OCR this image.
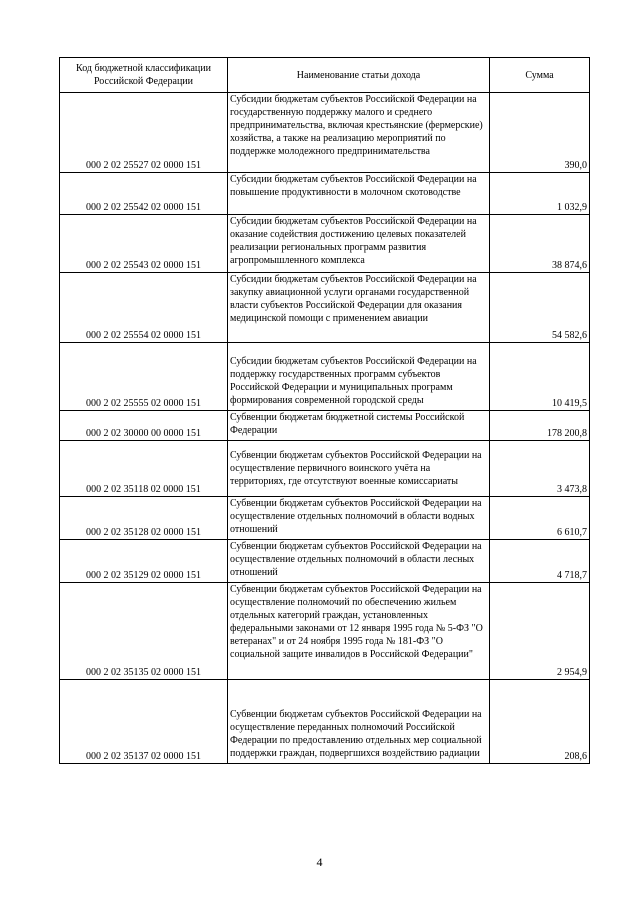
Код бюджетной классификации Российской Федерации	Наименование статьи дохода	Сумма
000 2 02 25527 02 0000 151	Субсидии бюджетам субъектов Российской Федерации на государственную поддержку малого и среднего предпринимательства, включая крестьянские (фермерские) хозяйства, а также на реализацию мероприятий по поддержке молодежного предпринимательства	390,0
000 2 02 25542 02 0000 151	Субсидии бюджетам субъектов Российской Федерации на повышение продуктивности в молочном скотоводстве	1 032,9
000 2 02 25543 02 0000 151	Субсидии бюджетам субъектов Российской Федерации на оказание содействия достижению целевых показателей реализации региональных программ развития агропромышленного комплекса	38 874,6
000 2 02 25554 02 0000 151	Субсидии бюджетам субъектов Российской Федерации на закупку авиационной услуги органами государственной власти субъектов Российской Федерации для оказания медицинской помощи с применением авиации	54 582,6
000 2 02 25555 02 0000 151	Субсидии бюджетам субъектов Российской Федерации на поддержку государственных программ субъектов Российской Федерации и муниципальных программ формирования современной городской среды	10 419,5
000 2 02 30000 00 0000 151	Субвенции бюджетам бюджетной системы Российской Федерации	178 200,8
000 2 02 35118 02 0000 151	Субвенции бюджетам субъектов Российской Федерации на осуществление первичного воинского учёта на территориях, где отсутствуют военные комиссариаты	3 473,8
000 2 02 35128 02 0000 151	Субвенции бюджетам субъектов Российской Федерации на осуществление отдельных полномочий в области водных отношений	6 610,7
000 2 02 35129 02 0000 151	Субвенции бюджетам субъектов Российской Федерации на осуществление отдельных полномочий в области лесных отношений	4 718,7
000 2 02 35135 02 0000 151	Субвенции бюджетам субъектов Российской Федерации на осуществление полномочий по обеспечению жильем отдельных категорий граждан, установленных федеральными законами от 12 января 1995 года № 5-ФЗ "О ветеранах" и от 24 ноября 1995 года № 181-ФЗ "О социальной защите инвалидов в Российской Федерации"	2 954,9
000 2 02 35137 02 0000 151	Субвенции бюджетам субъектов Российской Федерации на осуществление переданных полномочий Российской Федерации по предоставлению отдельных мер социальной поддержки граждан, подвергшихся воздействию радиации	208,6
4
